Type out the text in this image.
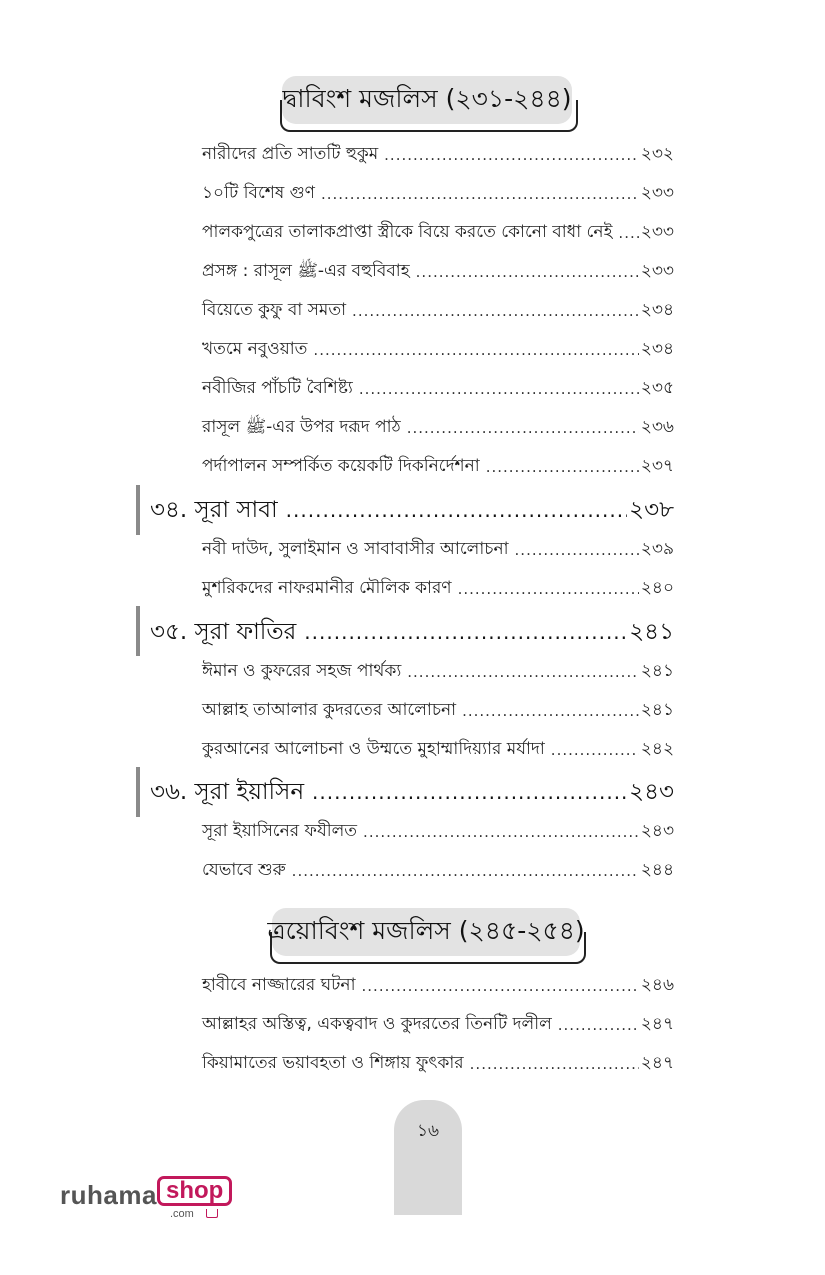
দ্বাবিংশ মজলিস (২৩১-২৪৪)
নারীদের প্রতি সাতটি হুকুম .....	২৩২
১০টি বিশেষ গুণ .....	২৩৩
পালকপুত্রের তালাকপ্রাপ্তা স্ত্রীকে বিয়ে করতে কোনো বাধা নেই .....	২৩৩
প্রসঙ্গ : রাসূল ﷺ-এর বহুবিবাহ .....	২৩৩
বিয়েতে কুফু বা সমতা .....	২৩৪
খতমে নবুওয়াত .....	২৩৪
নবীজির পাঁচটি বৈশিষ্ট্য .....	২৩৫
রাসূল ﷺ-এর উপর দরূদ পাঠ .....	২৩৬
পর্দাপালন সম্পর্কিত কয়েকটি দিকনির্দেশনা .....	২৩৭
৩৪. সূরা সাবা .....	২৩৮
নবী দাউদ, সুলাইমান ও সাবাবাসীর আলোচনা .....	২৩৯
মুশরিকদের নাফরমানীর মৌলিক কারণ .....	২৪০
৩৫. সূরা ফাতির .....	২৪১
ঈমান ও কুফরের সহজ পার্থক্য .....	২৪১
আল্লাহ তাআলার কুদরতের আলোচনা .....	২৪১
কুরআনের আলোচনা ও উম্মতে মুহাম্মাদিয়্যার মর্যাদা .....	২৪২
৩৬. সূরা ইয়াসিন .....	২৪৩
সূরা ইয়াসিনের ফযীলত .....	২৪৩
যেভাবে শুরু .....	২৪৪
ত্রয়োবিংশ মজলিস (২৪৫-২৫৪)
হাবীবে নাজ্জারের ঘটনা .....	২৪৬
আল্লাহর অস্তিত্ব, একত্ববাদ ও কুদরতের তিনটি দলীল .....	২৪৭
কিয়ামাতের ভয়াবহতা ও শিঙ্গায় ফুৎকার .....	২৪৭
১৬
ruhama shop
.com
